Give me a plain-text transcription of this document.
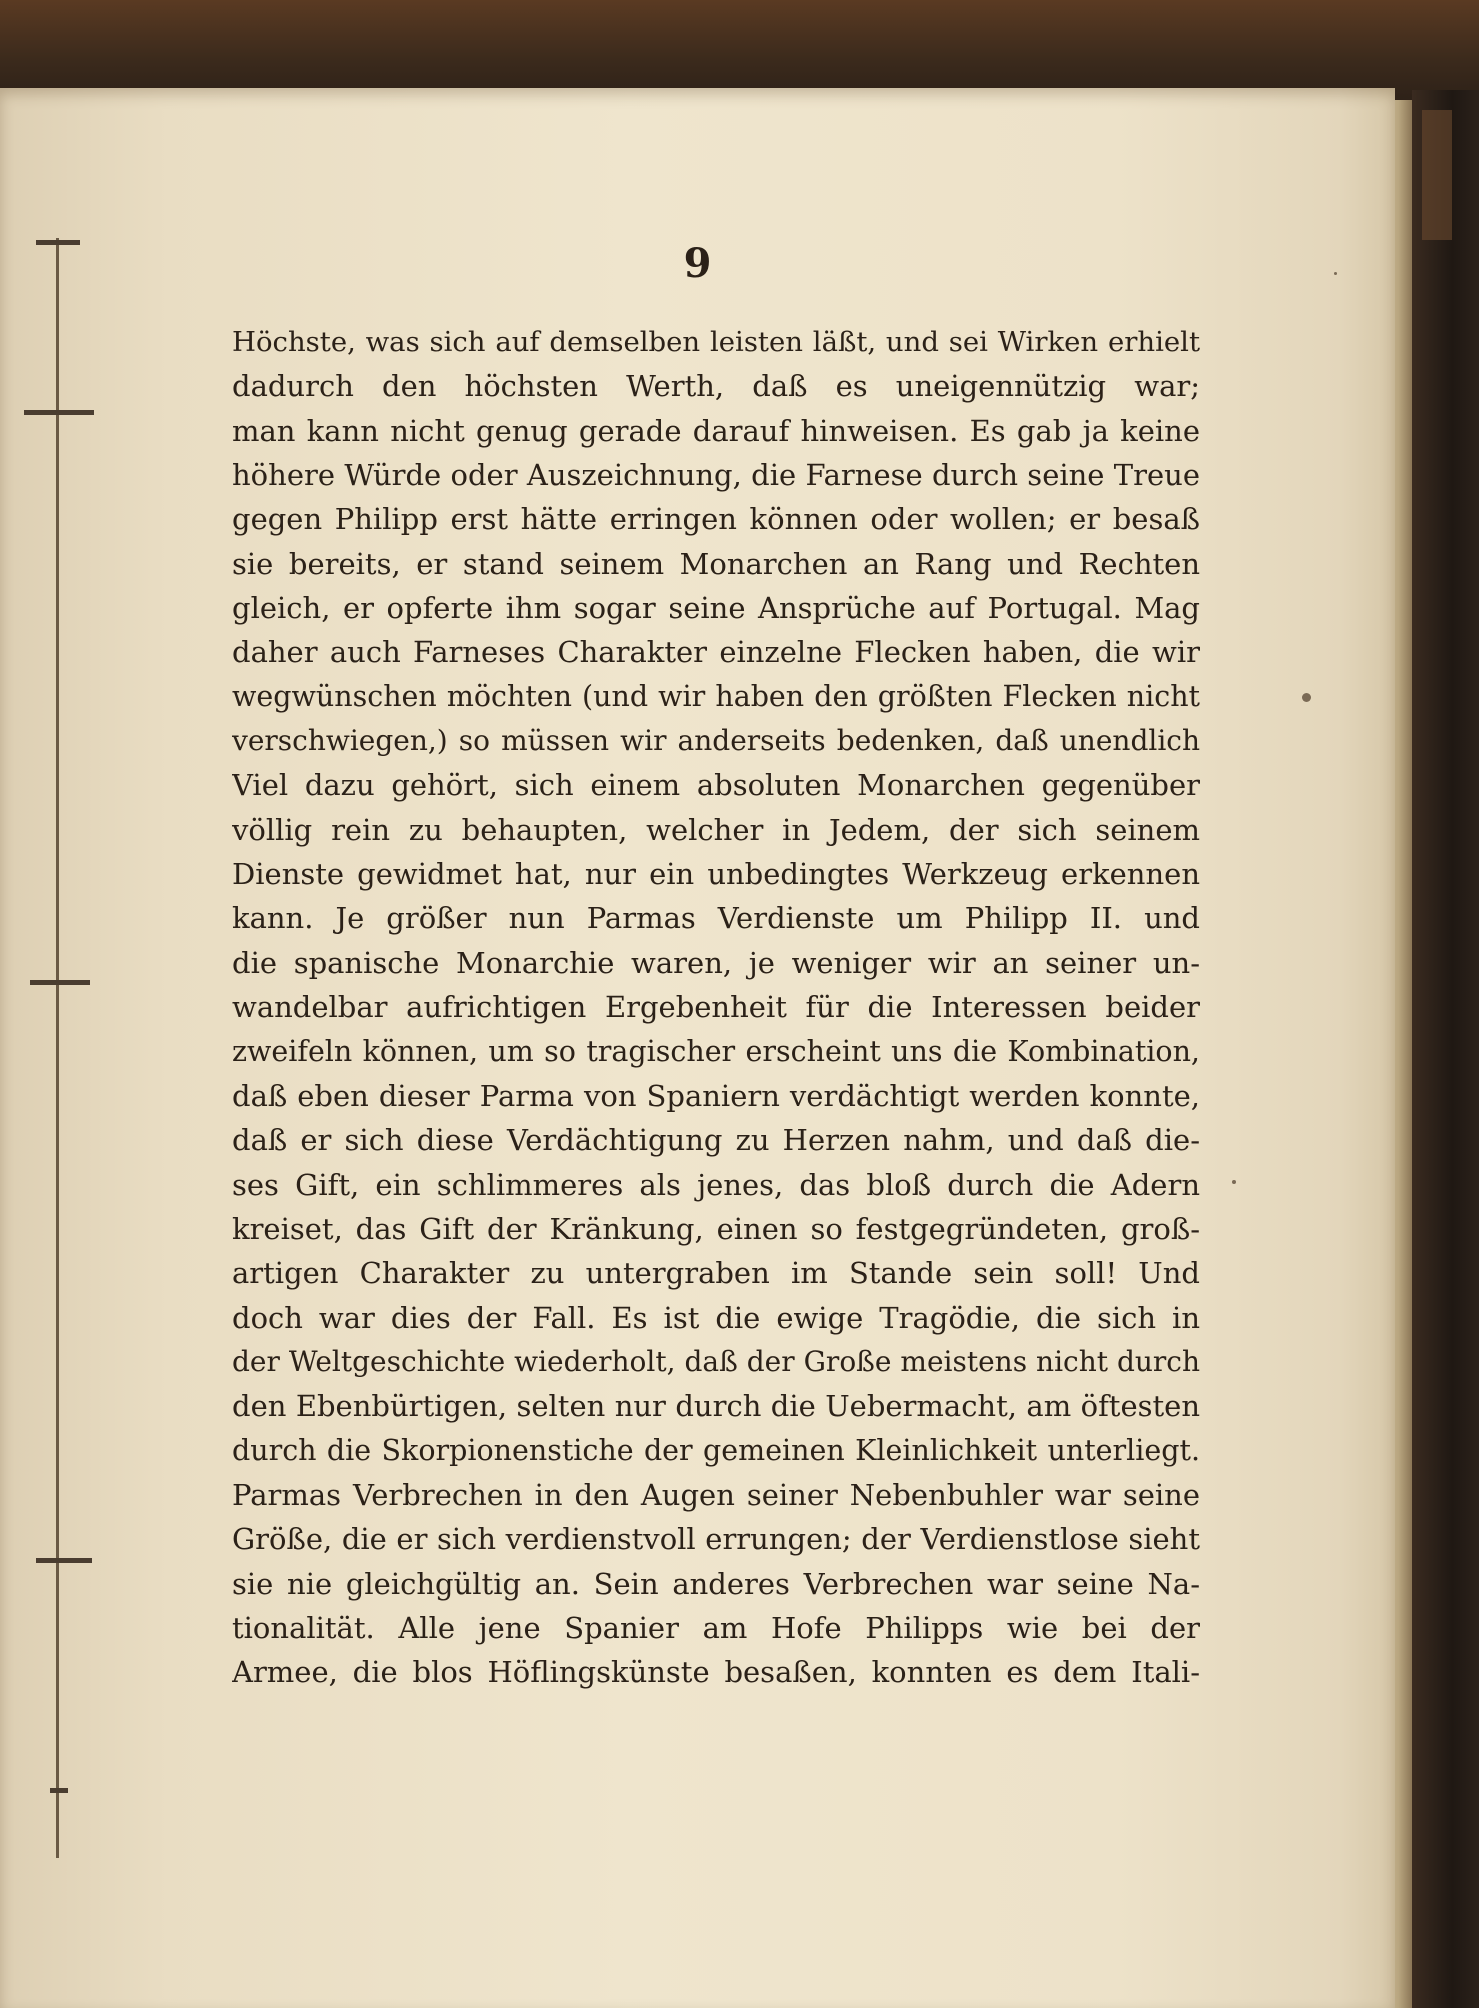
9
Höchste, was sich auf demselben leisten läßt, und sei Wirken erhielt
dadurch den höchsten Werth, daß es uneigennützig war;
man kann nicht genug gerade darauf hinweisen. Es gab ja keine
höhere Würde oder Auszeichnung, die Farnese durch seine Treue
gegen Philipp erst hätte erringen können oder wollen; er besaß
sie bereits, er stand seinem Monarchen an Rang und Rechten
gleich, er opferte ihm sogar seine Ansprüche auf Portugal. Mag
daher auch Farneses Charakter einzelne Flecken haben, die wir
wegwünschen möchten (und wir haben den größten Flecken nicht
verschwiegen,) so müssen wir anderseits bedenken, daß unendlich
Viel dazu gehört, sich einem absoluten Monarchen gegenüber
völlig rein zu behaupten, welcher in Jedem, der sich seinem
Dienste gewidmet hat, nur ein unbedingtes Werkzeug erkennen
kann. Je größer nun Parmas Verdienste um Philipp II. und
die spanische Monarchie waren, je weniger wir an seiner un-
wandelbar aufrichtigen Ergebenheit für die Interessen beider
zweifeln können, um so tragischer erscheint uns die Kombination,
daß eben dieser Parma von Spaniern verdächtigt werden konnte,
daß er sich diese Verdächtigung zu Herzen nahm, und daß die-
ses Gift, ein schlimmeres als jenes, das bloß durch die Adern
kreiset, das Gift der Kränkung, einen so festgegründeten, groß-
artigen Charakter zu untergraben im Stande sein soll! Und
doch war dies der Fall. Es ist die ewige Tragödie, die sich in
der Weltgeschichte wiederholt, daß der Große meistens nicht durch
den Ebenbürtigen, selten nur durch die Uebermacht, am öftesten
durch die Skorpionenstiche der gemeinen Kleinlichkeit unterliegt.
Parmas Verbrechen in den Augen seiner Nebenbuhler war seine
Größe, die er sich verdienstvoll errungen; der Verdienstlose sieht
sie nie gleichgültig an. Sein anderes Verbrechen war seine Na-
tionalität. Alle jene Spanier am Hofe Philipps wie bei der
Armee, die blos Höflingskünste besaßen, konnten es dem Itali-
